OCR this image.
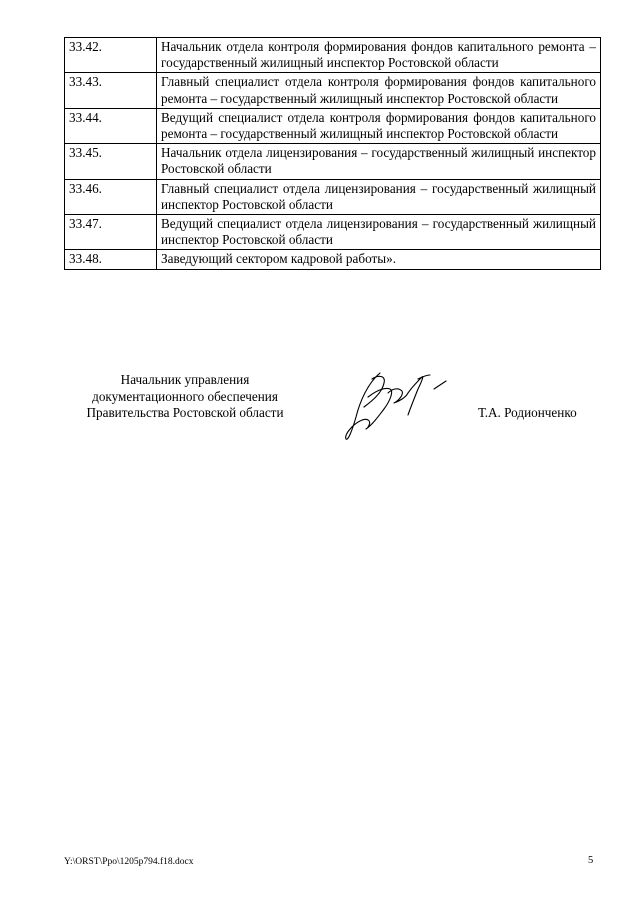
33.42.	Начальник отдела контроля формирования фондов капитального ремонта – государственный жилищный инспектор Ростовской области
33.43.	Главный специалист отдела контроля формирования фондов капитального ремонта – государственный жилищный инспектор Ростовской области
33.44.	Ведущий специалист отдела контроля формирования фондов капитального ремонта – государственный жилищный инспектор Ростовской области
33.45.	Начальник отдела лицензирования – государственный жилищный инспектор Ростовской области
33.46.	Главный специалист отдела лицензирования – государственный жилищный инспектор Ростовской области
33.47.	Ведущий специалист отдела лицензирования – государственный жилищный инспектор Ростовской области
33.48.	Заведующий сектором кадровой работы».
Начальник управления
документационного обеспечения
Правительства Ростовской области	Т.А. Родионченко
Y:\ORST\Ppo\1205p794.f18.docx	5
